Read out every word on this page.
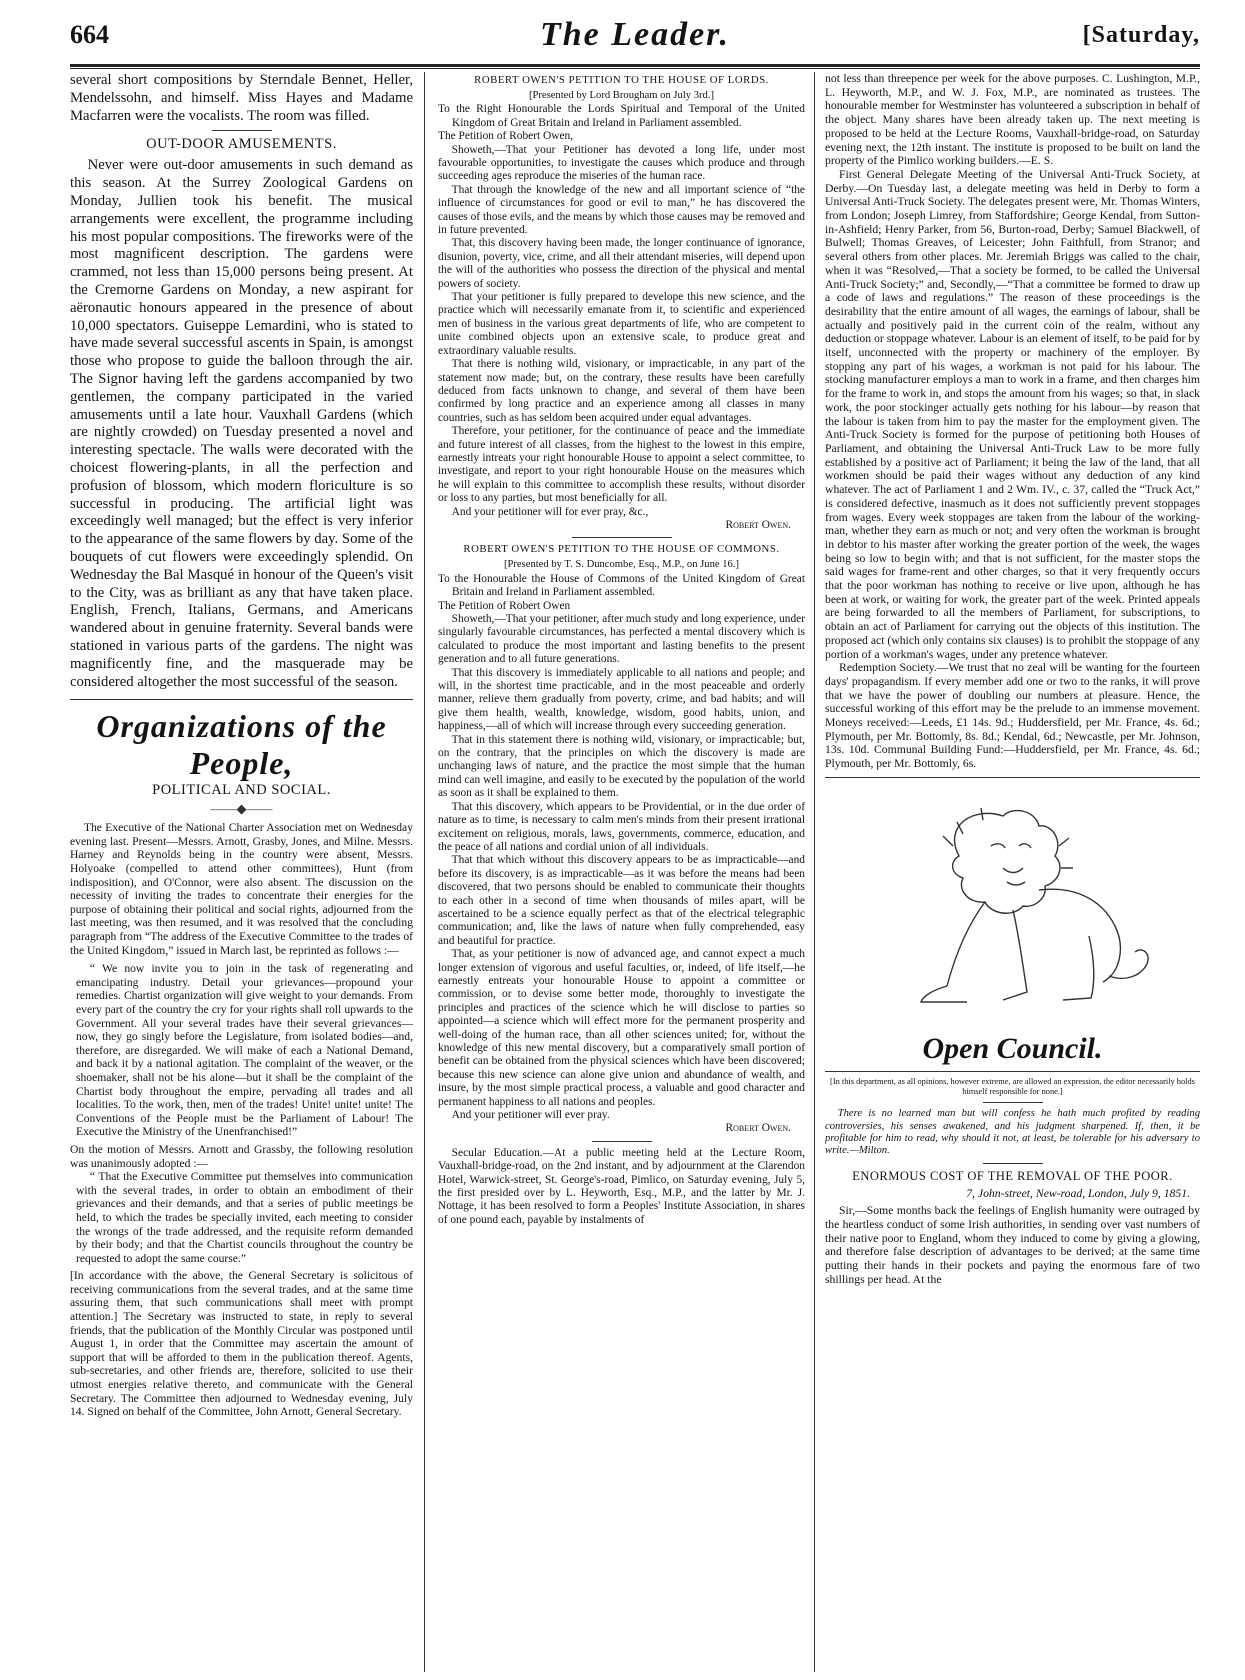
664	The Leader.	[Saturday,

several short compositions by Sterndale Bennet, Heller, Mendelssohn, and himself. Miss Hayes and Madame Macfarren were the vocalists. The room was filled.

OUT-DOOR AMUSEMENTS.

Never were out-door amusements in such demand as this season. At the Surrey Zoological Gardens on Monday, Jullien took his benefit. The musical arrangements were excellent, the programme including his most popular compositions. The fireworks were of the most magnificent description. The gardens were crammed, not less than 15,000 persons being present. At the Cremorne Gardens on Monday, a new aspirant for aëronautic honours appeared in the presence of about 10,000 spectators. Guiseppe Lemardini, who is stated to have made several successful ascents in Spain, is amongst those who propose to guide the balloon through the air. The Signor having left the gardens accompanied by two gentlemen, the company participated in the varied amusements until a late hour. Vauxhall Gardens (which are nightly crowded) on Tuesday presented a novel and interesting spectacle. The walls were decorated with the choicest flowering-plants, in all the perfection and profusion of blossom, which modern floriculture is so successful in producing. The artificial light was exceedingly well managed; but the effect is very inferior to the appearance of the same flowers by day. Some of the bouquets of cut flowers were exceedingly splendid. On Wednesday the Bal Masqué in honour of the Queen's visit to the City, was as brilliant as any that have taken place. English, French, Italians, Germans, and Americans wandered about in genuine fraternity. Several bands were stationed in various parts of the gardens. The night was magnificently fine, and the masquerade may be considered altogether the most successful of the season.

Organizations of the People,
POLITICAL AND SOCIAL.
——◆——

The Executive of the National Charter Association met on Wednesday evening last. Present—Messrs. Arnott, Grasby, Jones, and Milne. Messrs. Harney and Reynolds being in the country were absent, Messrs. Holyoake (compelled to attend other committees), Hunt (from indisposition), and O'Connor, were also absent. The discussion on the necessity of inviting the trades to concentrate their energies for the purpose of obtaining their political and social rights, adjourned from the last meeting, was then resumed, and it was resolved that the concluding paragraph from “The address of the Executive Committee to the trades of the United Kingdom,” issued in March last, be reprinted as follows :—

“ We now invite you to join in the task of regenerating and emancipating industry. Detail your grievances—propound your remedies. Chartist organization will give weight to your demands. From every part of the country the cry for your rights shall roll upwards to the Government. All your several trades have their several grievances—now, they go singly before the Legislature, from isolated bodies—and, therefore, are disregarded. We will make of each a National Demand, and back it by a national agitation. The complaint of the weaver, or the shoemaker, shall not be his alone—but it shall be the complaint of the Chartist body throughout the empire, pervading all trades and all localities. To the work, then, men of the trades! Unite! unite! unite! The Conventions of the People must be the Parliament of Labour! The Executive the Ministry of the Unenfranchised!”

On the motion of Messrs. Arnott and Grassby, the following resolution was unanimously adopted :—

“ That the Executive Committee put themselves into communication with the several trades, in order to obtain an embodiment of their grievances and their demands, and that a series of public meetings be held, to which the trades be specially invited, each meeting to consider the wrongs of the trade addressed, and the requisite reform demanded by their body; and that the Chartist councils throughout the country be requested to adopt the same course.”

[In accordance with the above, the General Secretary is solicitous of receiving communications from the several trades, and at the same time assuring them, that such communications shall meet with prompt attention.] The Secretary was instructed to state, in reply to several friends, that the publication of the Monthly Circular was postponed until August 1, in order that the Committee may ascertain the amount of support that will be afforded to them in the publication thereof. Agents, sub-secretaries, and other friends are, therefore, solicited to use their utmost energies relative thereto, and communicate with the General Secretary. The Committee then adjourned to Wednesday evening, July 14. Signed on behalf of the Committee, John Arnott, General Secretary.

ROBERT OWEN'S PETITION TO THE HOUSE OF LORDS.
[Presented by Lord Brougham on July 3rd.]

To the Right Honourable the Lords Spiritual and Temporal of the United Kingdom of Great Britain and Ireland in Parliament assembled.

The Petition of Robert Owen,

Showeth,—That your Petitioner has devoted a long life, under most favourable opportunities, to investigate the causes which produce and through succeeding ages reproduce the miseries of the human race.

That through the knowledge of the new and all important science of “the influence of circumstances for good or evil to man,” he has discovered the causes of those evils, and the means by which those causes may be removed and in future prevented.

That, this discovery having been made, the longer continuance of ignorance, disunion, poverty, vice, crime, and all their attendant miseries, will depend upon the will of the authorities who possess the direction of the physical and mental powers of society.

That your petitioner is fully prepared to develope this new science, and the practice which will necessarily emanate from it, to scientific and experienced men of business in the various great departments of life, who are competent to unite combined objects upon an extensive scale, to produce great and extraordinary valuable results.

That there is nothing wild, visionary, or impracticable, in any part of the statement now made; but, on the contrary, these results have been carefully deduced from facts unknown to change, and several of them have been confirmed by long practice and an experience among all classes in many countries, such as has seldom been acquired under equal advantages.

Therefore, your petitioner, for the continuance of peace and the immediate and future interest of all classes, from the highest to the lowest in this empire, earnestly intreats your right honourable House to appoint a select committee, to investigate, and report to your right honourable House on the measures which he will explain to this committee to accomplish these results, without disorder or loss to any parties, but most beneficially for all.

And your petitioner will for ever pray, &c.,

Robert Owen.

ROBERT OWEN'S PETITION TO THE HOUSE OF COMMONS.
[Presented by T. S. Duncombe, Esq., M.P., on June 16.]

To the Honourable the House of Commons of the United Kingdom of Great Britain and Ireland in Parliament assembled.

The Petition of Robert Owen

Showeth,—That your petitioner, after much study and long experience, under singularly favourable circumstances, has perfected a mental discovery which is calculated to produce the most important and lasting benefits to the present generation and to all future generations.

That this discovery is immediately applicable to all nations and people; and will, in the shortest time practicable, and in the most peaceable and orderly manner, relieve them gradually from poverty, crime, and bad habits; and will give them health, wealth, knowledge, wisdom, good habits, union, and happiness,—all of which will increase through every succeeding generation.

That in this statement there is nothing wild, visionary, or impracticable; but, on the contrary, that the principles on which the discovery is made are unchanging laws of nature, and the practice the most simple that the human mind can well imagine, and easily to be executed by the population of the world as soon as it shall be explained to them.

That this discovery, which appears to be Providential, or in the due order of nature as to time, is necessary to calm men's minds from their present irrational excitement on religious, morals, laws, governments, commerce, education, and the peace of all nations and cordial union of all individuals.

That that which without this discovery appears to be as impracticable—and before its discovery, is as impracticable—as it was before the means had been discovered, that two persons should be enabled to communicate their thoughts to each other in a second of time when thousands of miles apart, will be ascertained to be a science equally perfect as that of the electrical telegraphic communication; and, like the laws of nature when fully comprehended, easy and beautiful for practice.

That, as your petitioner is now of advanced age, and cannot expect a much longer extension of vigorous and useful faculties, or, indeed, of life itself,—he earnestly entreats your honourable House to appoint a committee or commission, or to devise some better mode, thoroughly to investigate the principles and practices of the science which he will disclose to parties so appointed—a science which will effect more for the permanent prosperity and well-doing of the human race, than all other sciences united; for, without the knowledge of this new mental discovery, but a comparatively small portion of benefit can be obtained from the physical sciences which have been discovered; because this new science can alone give union and abundance of wealth, and insure, by the most simple practical process, a valuable and good character and permanent happiness to all nations and peoples.

And your petitioner will ever pray.

Robert Owen.

Secular Education.—At a public meeting held at the Lecture Room, Vauxhall-bridge-road, on the 2nd instant, and by adjournment at the Clarendon Hotel, Warwick-street, St. George's-road, Pimlico, on Saturday evening, July 5, the first presided over by L. Heyworth, Esq., M.P., and the latter by Mr. J. Nottage, it has been resolved to form a Peoples' Institute Association, in shares of one pound each, payable by instalments of

not less than threepence per week for the above purposes. C. Lushington, M.P., L. Heyworth, M.P., and W. J. Fox, M.P., are nominated as trustees. The honourable member for Westminster has volunteered a subscription in behalf of the object. Many shares have been already taken up. The next meeting is proposed to be held at the Lecture Rooms, Vauxhall-bridge-road, on Saturday evening next, the 12th instant. The institute is proposed to be built on land the property of the Pimlico working builders.—E. S.

First General Delegate Meeting of the Universal Anti-Truck Society, at Derby.—On Tuesday last, a delegate meeting was held in Derby to form a Universal Anti-Truck Society. The delegates present were, Mr. Thomas Winters, from London; Joseph Limrey, from Staffordshire; George Kendal, from Sutton-in-Ashfield; Henry Parker, from 56, Burton-road, Derby; Samuel Blackwell, of Bulwell; Thomas Greaves, of Leicester; John Faithfull, from Stranor; and several others from other places. Mr. Jeremiah Briggs was called to the chair, when it was “Resolved,—That a society be formed, to be called the Universal Anti-Truck Society;” and, Secondly,—“That a committee be formed to draw up a code of laws and regulations.” The reason of these proceedings is the desirability that the entire amount of all wages, the earnings of labour, shall be actually and positively paid in the current coin of the realm, without any deduction or stoppage whatever. Labour is an element of itself, to be paid for by itself, unconnected with the property or machinery of the employer. By stopping any part of his wages, a workman is not paid for his labour. The stocking manufacturer employs a man to work in a frame, and then charges him for the frame to work in, and stops the amount from his wages; so that, in slack work, the poor stockinger actually gets nothing for his labour—by reason that the labour is taken from him to pay the master for the employment given. The Anti-Truck Society is formed for the purpose of petitioning both Houses of Parliament, and obtaining the Universal Anti-Truck Law to be more fully established by a positive act of Parliament; it being the law of the land, that all workmen should be paid their wages without any deduction of any kind whatever. The act of Parliament 1 and 2 Wm. IV., c. 37, called the “Truck Act,” is considered defective, inasmuch as it does not sufficiently prevent stoppages from wages. Every week stoppages are taken from the labour of the working-man, whether they earn as much or not; and very often the workman is brought in debtor to his master after working the greater portion of the week, the wages being so low to begin with; and that is not sufficient, for the master stops the said wages for frame-rent and other charges, so that it very frequently occurs that the poor workman has nothing to receive or live upon, although he has been at work, or waiting for work, the greater part of the week. Printed appeals are being forwarded to all the members of Parliament, for subscriptions, to obtain an act of Parliament for carrying out the objects of this institution. The proposed act (which only contains six clauses) is to prohibit the stoppage of any portion of a workman's wages, under any pretence whatever.

Redemption Society.—We trust that no zeal will be wanting for the fourteen days' propagandism. If every member add one or two to the ranks, it will prove that we have the power of doubling our numbers at pleasure. Hence, the successful working of this effort may be the prelude to an immense movement. Moneys received:—Leeds, £1 14s. 9d.; Huddersfield, per Mr. France, 4s. 6d.; Plymouth, per Mr. Bottomly, 8s. 8d.; Kendal, 6d.; Newcastle, per Mr. Johnson, 13s. 10d. Communal Building Fund:—Huddersfield, per Mr. France, 4s. 6d.; Plymouth, per Mr. Bottomly, 6s.

Open Council.

[In this department, as all opinions, however extreme, are allowed an expression, the editor necessarily holds himself responsible for none.]

There is no learned man but will confess he hath much profited by reading controversies, his senses awakened, and his judgment sharpened. If, then, it be profitable for him to read, why should it not, at least, be tolerable for his adversary to write.—Milton.

ENORMOUS COST OF THE REMOVAL OF THE POOR.

7, John-street, New-road, London, July 9, 1851.

Sir,—Some months back the feelings of English humanity were outraged by the heartless conduct of some Irish authorities, in sending over vast numbers of their native poor to England, whom they induced to come by giving a glowing, and therefore false description of advantages to be derived; at the same time putting their hands in their pockets and paying the enormous fare of two shillings per head. At the
